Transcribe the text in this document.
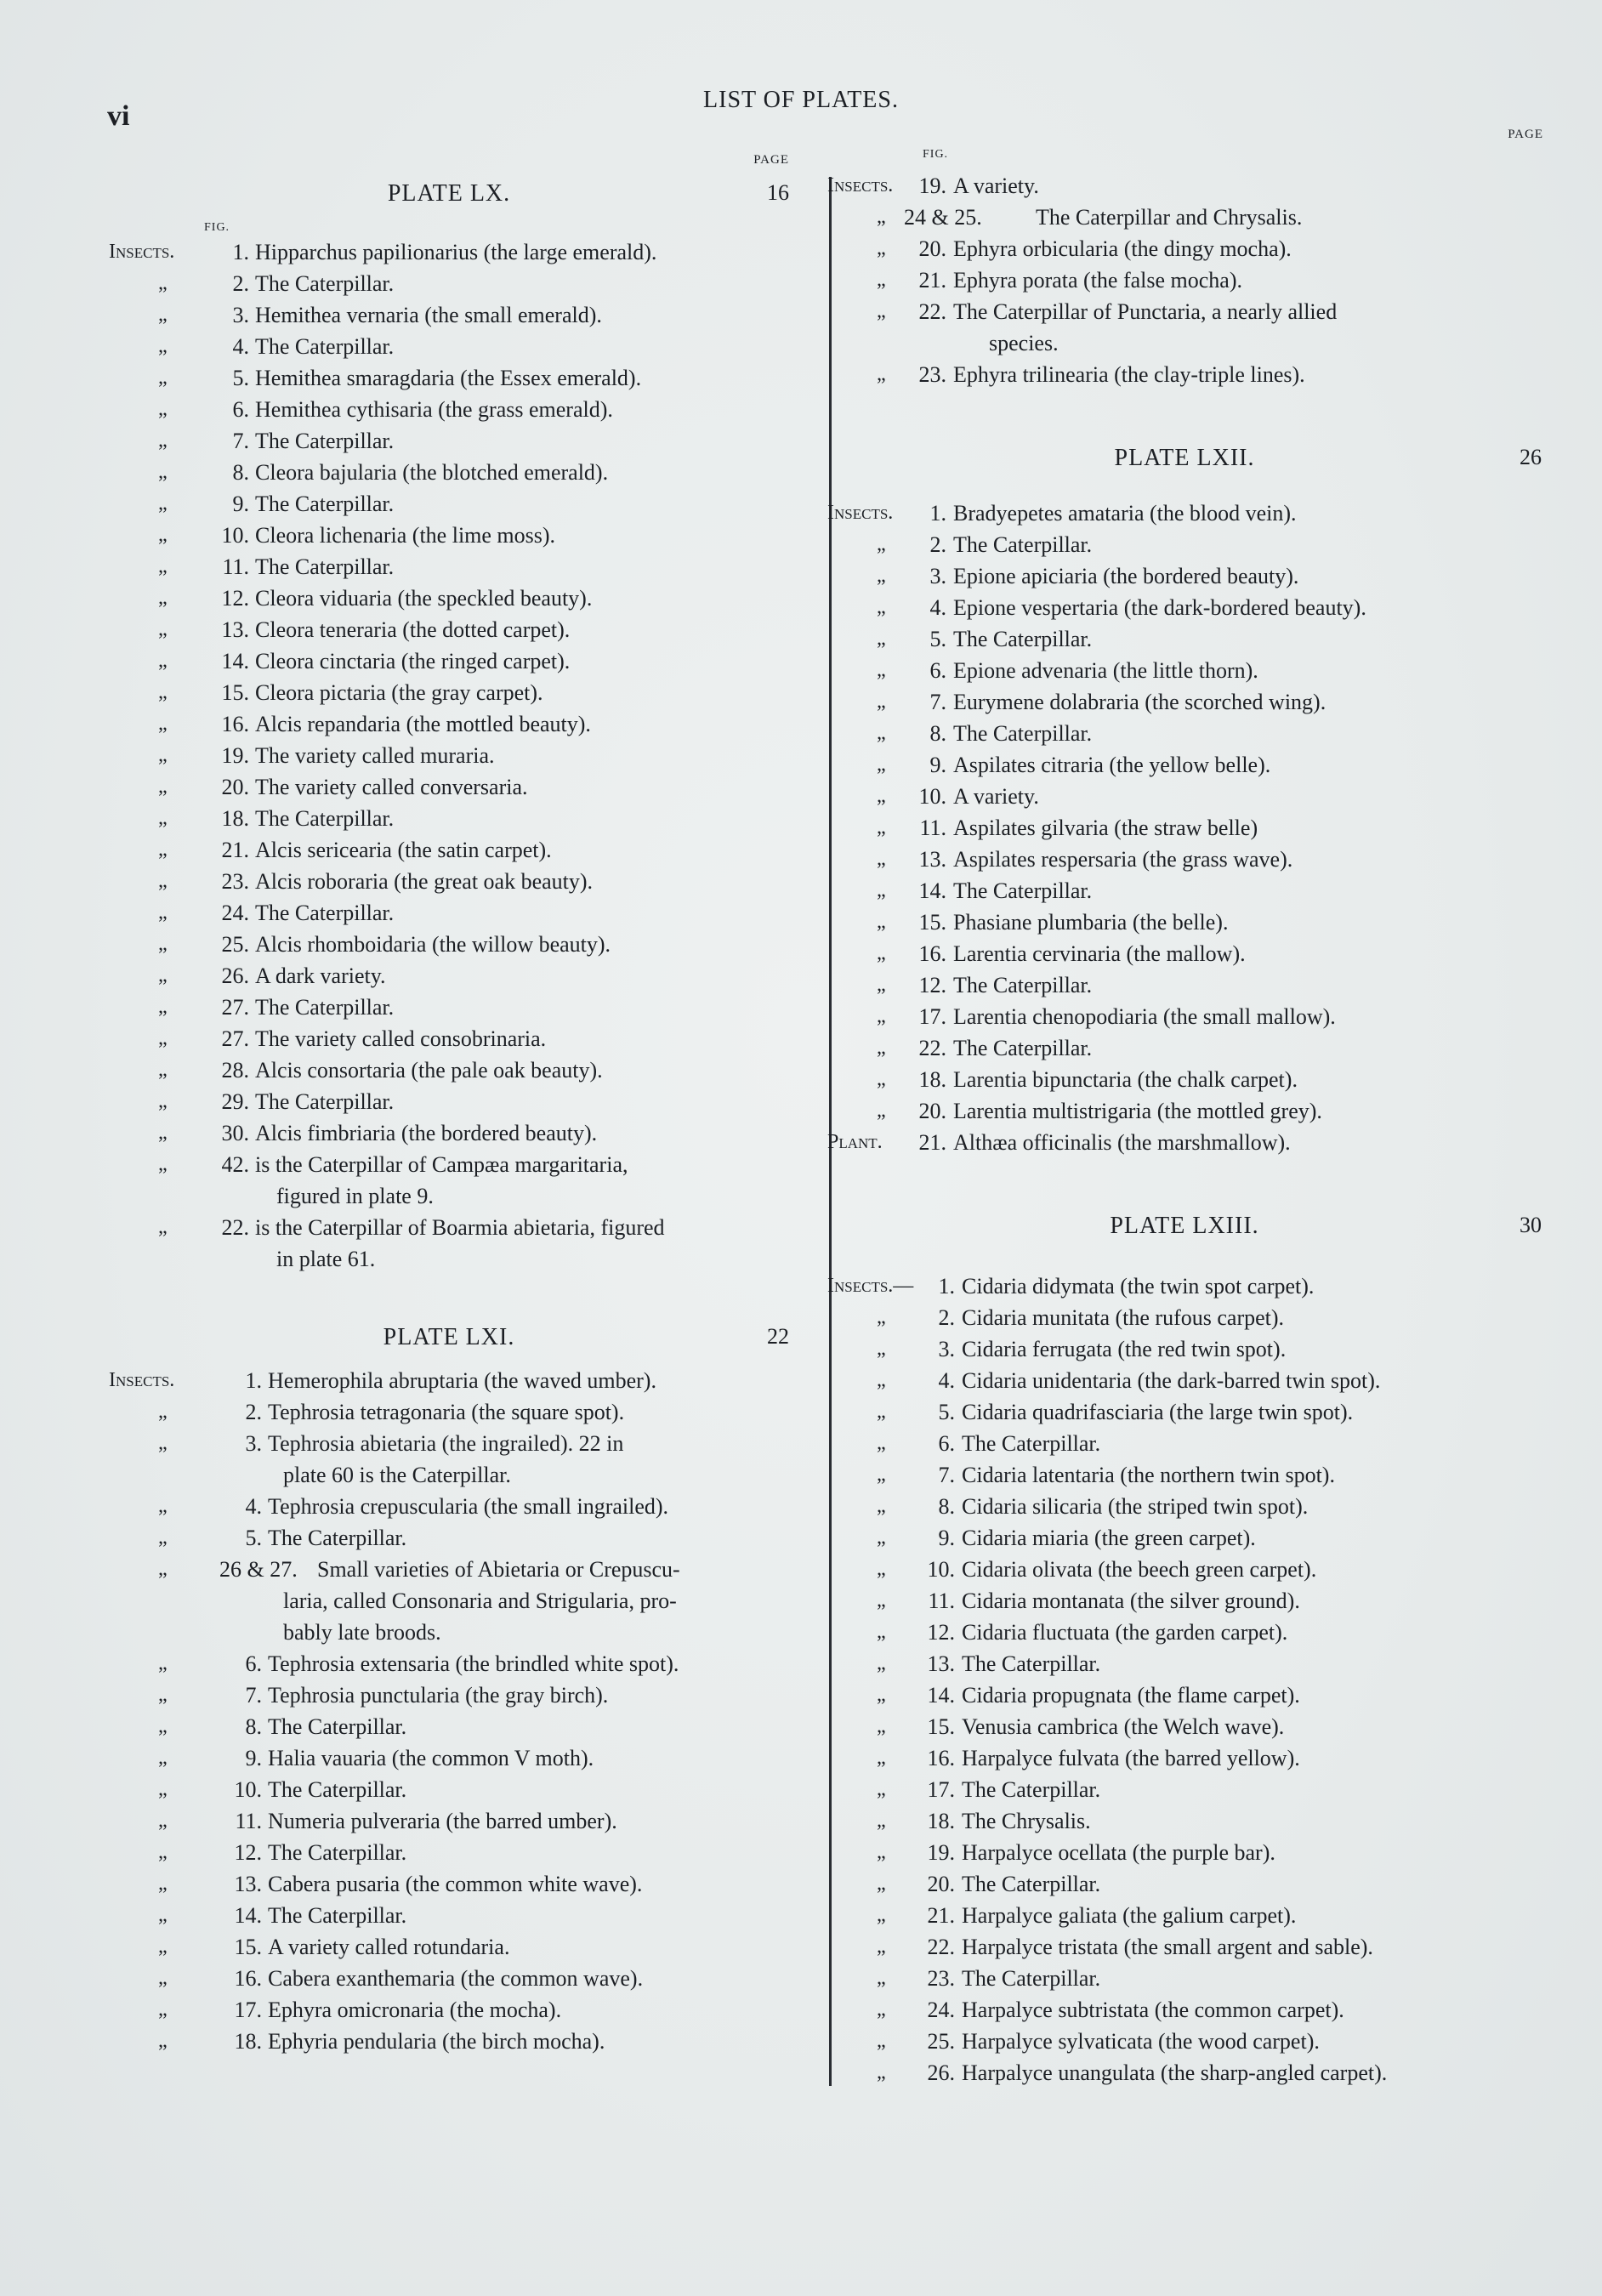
vi
LIST OF PLATES.
PAGE
PLATE LX.	16
FIG.
Insects.	1. Hipparchus papilionarius (the large emerald).
„	2. The Caterpillar.
„	3. Hemithea vernaria (the small emerald).
„	4. The Caterpillar.
„	5. Hemithea smaragdaria (the Essex emerald).
„	6. Hemithea cythisaria (the grass emerald).
„	7. The Caterpillar.
„	8. Cleora bajularia (the blotched emerald).
„	9. The Caterpillar.
„	10. Cleora lichenaria (the lime moss).
„	11. The Caterpillar.
„	12. Cleora viduaria (the speckled beauty).
„	13. Cleora teneraria (the dotted carpet).
„	14. Cleora cinctaria (the ringed carpet).
„	15. Cleora pictaria (the gray carpet).
„	16. Alcis repandaria (the mottled beauty).
„	19. The variety called muraria.
„	20. The variety called conversaria.
„	18. The Caterpillar.
„	21. Alcis sericearia (the satin carpet).
„	23. Alcis roboraria (the great oak beauty).
„	24. The Caterpillar.
„	25. Alcis rhomboidaria (the willow beauty).
„	26. A dark variety.
„	27. The Caterpillar.
„	27. The variety called consobrinaria.
„	28. Alcis consortaria (the pale oak beauty).
„	29. The Caterpillar.
„	30. Alcis fimbriaria (the bordered beauty).
„	42. is the Caterpillar of Campæa margaritaria,
figured in plate 9.
„	22. is the Caterpillar of Boarmia abietaria, figured
in plate 61.
PLATE LXI.	22
Insects.	1. Hemerophila abruptaria (the waved umber).
„	2. Tephrosia tetragonaria (the square spot).
„	3. Tephrosia abietaria (the ingrailed). 22 in
plate 60 is the Caterpillar.
„	4. Tephrosia crepuscularia (the small ingrailed).
„	5. The Caterpillar.
„	26 & 27. Small varieties of Abietaria or Crepuscu-
laria, called Consonaria and Strigularia, pro-
bably late broods.
„	6. Tephrosia extensaria (the brindled white spot).
„	7. Tephrosia punctularia (the gray birch).
„	8. The Caterpillar.
„	9. Halia vauaria (the common V moth).
„	10. The Caterpillar.
„	11. Numeria pulveraria (the barred umber).
„	12. The Caterpillar.
„	13. Cabera pusaria (the common white wave).
„	14. The Caterpillar.
„	15. A variety called rotundaria.
„	16. Cabera exanthemaria (the common wave).
„	17. Ephyra omicronaria (the mocha).
„	18. Ephyria pendularia (the birch mocha).
FIG.
PAGE
Insects.	19. A variety.
„ 24 & 25. The Caterpillar and Chrysalis.
„	20. Ephyra orbicularia (the dingy mocha).
„	21. Ephyra porata (the false mocha).
„	22. The Caterpillar of Punctaria, a nearly allied
species.
„	23. Ephyra trilinearia (the clay-triple lines).
PLATE LXII.	26
Insects.	1. Bradyepetes amataria (the blood vein).
„	2. The Caterpillar.
„	3. Epione apiciaria (the bordered beauty).
„	4. Epione vespertaria (the dark-bordered beauty).
„	5. The Caterpillar.
„	6. Epione advenaria (the little thorn).
„	7. Eurymene dolabraria (the scorched wing).
„	8. The Caterpillar.
„	9. Aspilates citraria (the yellow belle).
„	10. A variety.
„	11. Aspilates gilvaria (the straw belle)
„	13. Aspilates respersaria (the grass wave).
„	14. The Caterpillar.
„	15. Phasiane plumbaria (the belle).
„	16. Larentia cervinaria (the mallow).
„	12. The Caterpillar.
„	17. Larentia chenopodiaria (the small mallow).
„	22. The Caterpillar.
„	18. Larentia bipunctaria (the chalk carpet).
„	20. Larentia multistrigaria (the mottled grey).
Plant.	21. Althæa officinalis (the marshmallow).
PLATE LXIII.	30
Insects.—	1. Cidaria didymata (the twin spot carpet).
„	2. Cidaria munitata (the rufous carpet).
„	3. Cidaria ferrugata (the red twin spot).
„	4. Cidaria unidentaria (the dark-barred twin spot).
„	5. Cidaria quadrifasciaria (the large twin spot).
„	6. The Caterpillar.
„	7. Cidaria latentaria (the northern twin spot).
„	8. Cidaria silicaria (the striped twin spot).
„	9. Cidaria miaria (the green carpet).
„	10. Cidaria olivata (the beech green carpet).
„	11. Cidaria montanata (the silver ground).
„	12. Cidaria fluctuata (the garden carpet).
„	13. The Caterpillar.
„	14. Cidaria propugnata (the flame carpet).
„	15. Venusia cambrica (the Welch wave).
„	16. Harpalyce fulvata (the barred yellow).
„	17. The Caterpillar.
„	18. The Chrysalis.
„	19. Harpalyce ocellata (the purple bar).
„	20. The Caterpillar.
„	21. Harpalyce galiata (the galium carpet).
„	22. Harpalyce tristata (the small argent and sable).
„	23. The Caterpillar.
„	24. Harpalyce subtristata (the common carpet).
„	25. Harpalyce sylvaticata (the wood carpet).
„	26. Harpalyce unangulata (the sharp-angled carpet).
